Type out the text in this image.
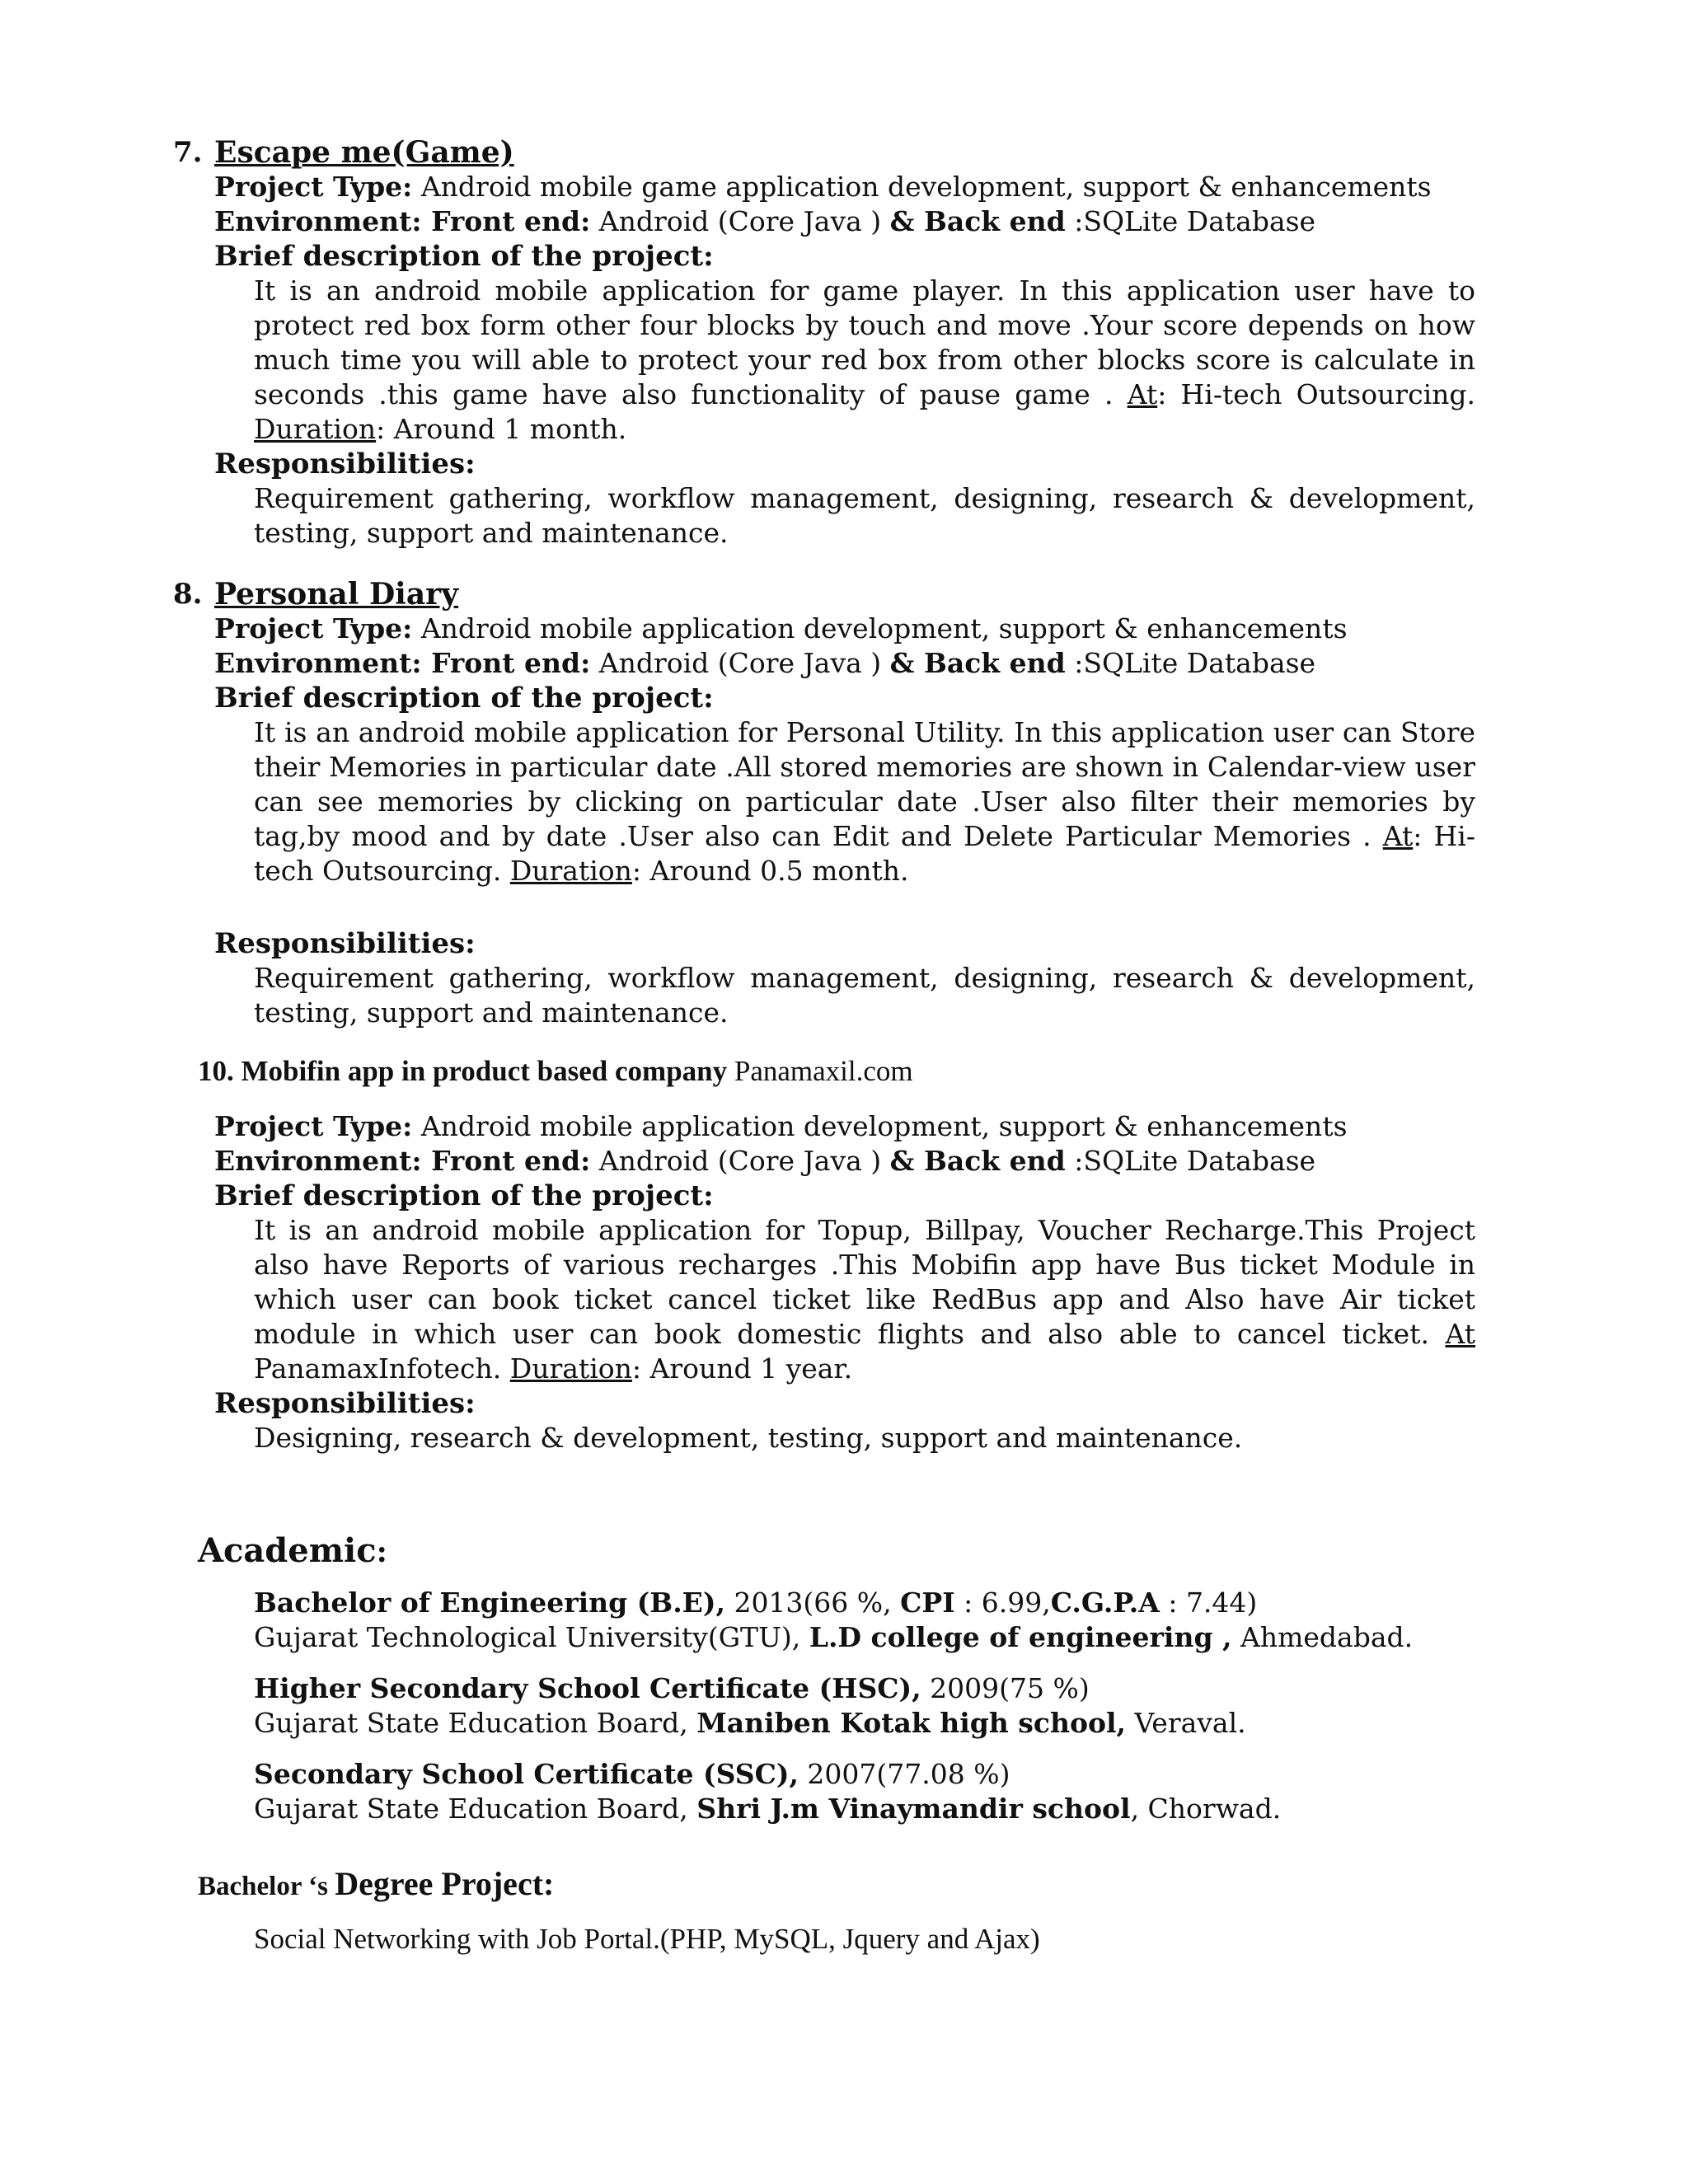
7. Escape me(Game)
Project Type: Android mobile game application development, support & enhancements
Environment: Front end: Android (Core Java ) & Back end :SQLite Database
Brief description of the project:
It is an android mobile application for game player. In this application user have to protect red box form other four blocks by touch and move .Your score depends on how much time you will able to protect your red box from other blocks score is calculate in seconds .this game have also functionality of pause game . At: Hi-tech Outsourcing. Duration: Around 1 month.
Responsibilities:
Requirement gathering, workflow management, designing, research & development, testing, support and maintenance.
8. Personal Diary
Project Type: Android mobile application development, support & enhancements
Environment: Front end: Android (Core Java ) & Back end :SQLite Database
Brief description of the project:
It is an android mobile application for Personal Utility. In this application user can Store their Memories in particular date .All stored memories are shown in Calendar-view user can see memories by clicking on particular date .User also filter their memories by tag,by mood and by date .User also can Edit and Delete Particular Memories . At: Hi-tech Outsourcing. Duration: Around 0.5 month.
Responsibilities:
Requirement gathering, workflow management, designing, research & development, testing, support and maintenance.
10. Mobifin app in product based company Panamaxil.com
Project Type: Android mobile application development, support & enhancements
Environment: Front end: Android (Core Java ) & Back end :SQLite Database
Brief description of the project:
It is an android mobile application for Topup, Billpay, Voucher Recharge.This Project also have Reports of various recharges .This Mobifin app have Bus ticket Module in which user can book ticket cancel ticket like RedBus app and Also have Air ticket module in which user can book domestic flights and also able to cancel ticket. At PanamaxInfotech. Duration: Around 1 year.
Responsibilities:
Designing, research & development, testing, support and maintenance.
Academic:
Bachelor of Engineering (B.E), 2013(66 %, CPI : 6.99,C.G.P.A : 7.44)
Gujarat Technological University(GTU), L.D college of engineering , Ahmedabad.
Higher Secondary School Certificate (HSC), 2009(75 %)
Gujarat State Education Board, Maniben Kotak high school, Veraval.
Secondary School Certificate (SSC), 2007(77.08 %)
Gujarat State Education Board, Shri J.m Vinaymandir school, Chorwad.
Bachelor ‘s Degree Project:
Social Networking with Job Portal.(PHP, MySQL, Jquery and Ajax)
